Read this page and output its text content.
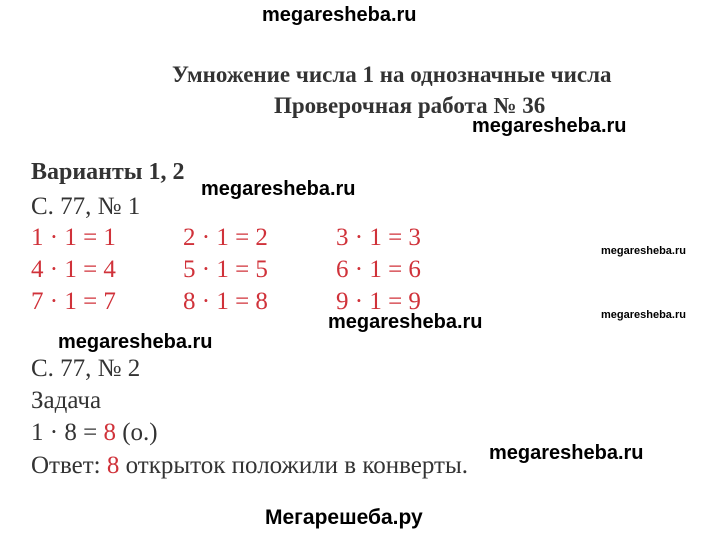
megaresheba.ru
Умножение числа 1 на однозначные числа
Проверочная работа № 36
megaresheba.ru
megaresheba.ru
megaresheba.ru
megaresheba.ru
megaresheba.ru
megaresheba.ru
megaresheba.ru
Варианты 1, 2
С. 77, № 1
1 · 1 = 1	2 · 1 = 2	3 · 1 = 3
4 · 1 = 4	5 · 1 = 5	6 · 1 = 6
7 · 1 = 7	8 · 1 = 8	9 · 1 = 9
С. 77, № 2
Задача
1 · 8 = 8 (о.)
Ответ: 8 открыток положили в конверты.
Мегарешеба.ру
